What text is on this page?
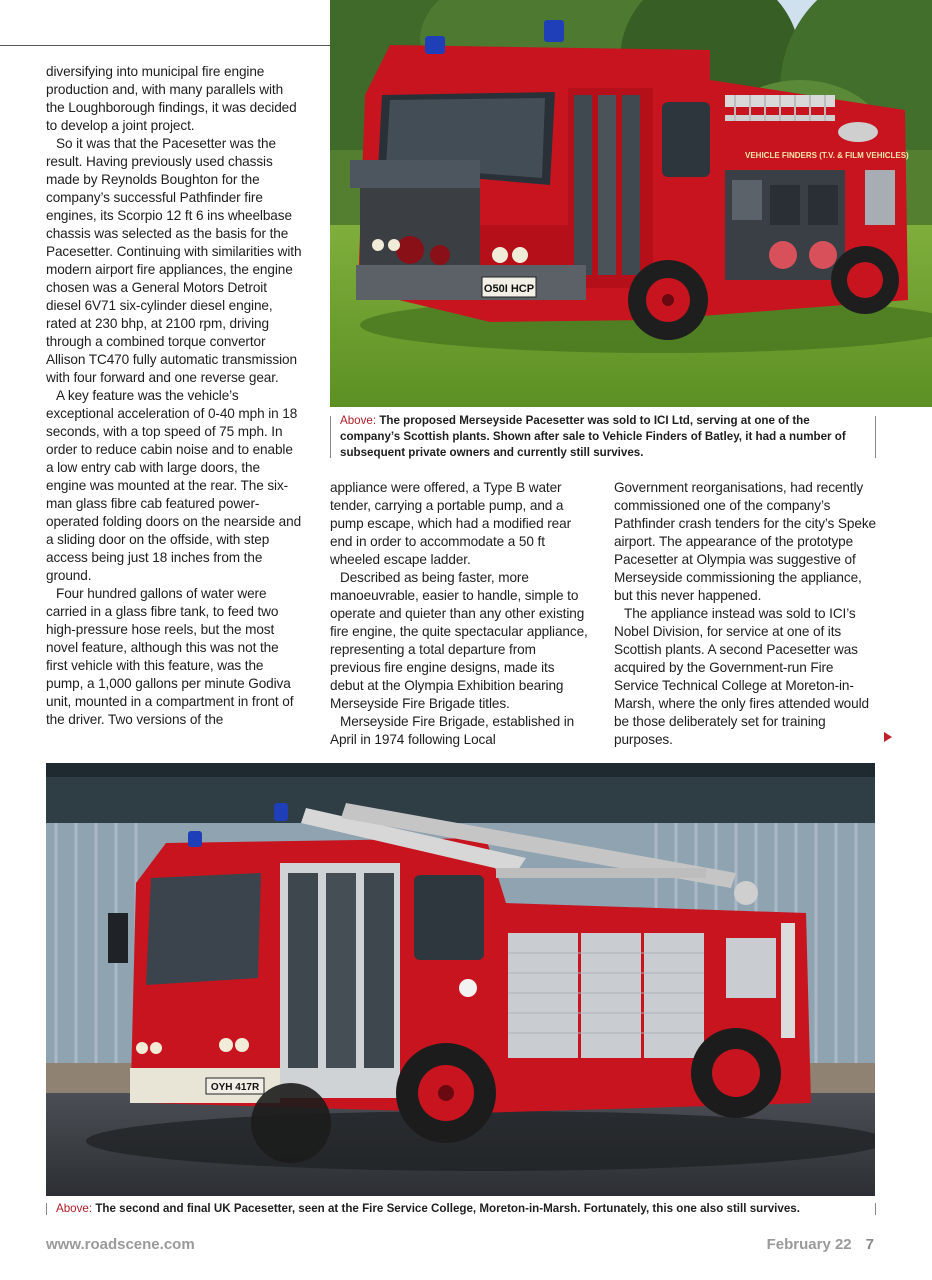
VEHICLE FINDERS (T.V. & FILM VEHICLES)
O50I HCP
Above: The proposed Merseyside Pacesetter was sold to ICI Ltd, serving at one of the company’s Scottish plants. Shown after sale to Vehicle Finders of Batley, it had a number of subsequent private owners and currently still survives.

diversifying into municipal fire engine production and, with many parallels with the Loughborough findings, it was decided to develop a joint project.

So it was that the Pacesetter was the result. Having previously used chassis made by Reynolds Boughton for the company’s successful Pathfinder fire engines, its Scorpio 12 ft 6 ins wheelbase chassis was selected as the basis for the Pacesetter. Continuing with similarities with modern airport fire appliances, the engine chosen was a General Motors Detroit diesel 6V71 six-cylinder diesel engine, rated at 230 bhp, at 2100 rpm, driving through a combined torque convertor Allison TC470 fully automatic transmission with four forward and one reverse gear.

A key feature was the vehicle’s exceptional acceleration of 0-40 mph in 18 seconds, with a top speed of 75 mph. In order to reduce cabin noise and to enable a low entry cab with large doors, the engine was mounted at the rear. The six-man glass fibre cab featured power-operated folding doors on the nearside and a sliding door on the offside, with step access being just 18 inches from the ground.

Four hundred gallons of water were carried in a glass fibre tank, to feed two high-pressure hose reels, but the most novel feature, although this was not the first vehicle with this feature, was the pump, a 1,000 gallons per minute Godiva unit, mounted in a compartment in front of the driver. Two versions of the

appliance were offered, a Type B water tender, carrying a portable pump, and a pump escape, which had a modified rear end in order to accommodate a 50 ft wheeled escape ladder.

Described as being faster, more manoeuvrable, easier to handle, simple to operate and quieter than any other existing fire engine, the quite spectacular appliance, representing a total departure from previous fire engine designs, made its debut at the Olympia Exhibition bearing Merseyside Fire Brigade titles.

Merseyside Fire Brigade, established in April in 1974 following Local

Government reorganisations, had recently commissioned one of the company’s Pathfinder crash tenders for the city’s Speke airport. The appearance of the prototype Pacesetter at Olympia was suggestive of Merseyside commissioning the appliance, but this never happened.

The appliance instead was sold to ICI’s Nobel Division, for service at one of its Scottish plants. A second Pacesetter was acquired by the Government-run Fire Service Technical College at Moreton-in-Marsh, where the only fires attended would be those deliberately set for training purposes.

OYH 417R
Above: The second and final UK Pacesetter, seen at the Fire Service College, Moreton-in-Marsh. Fortunately, this one also still survives.
www.roadscene.com	February 22 7
